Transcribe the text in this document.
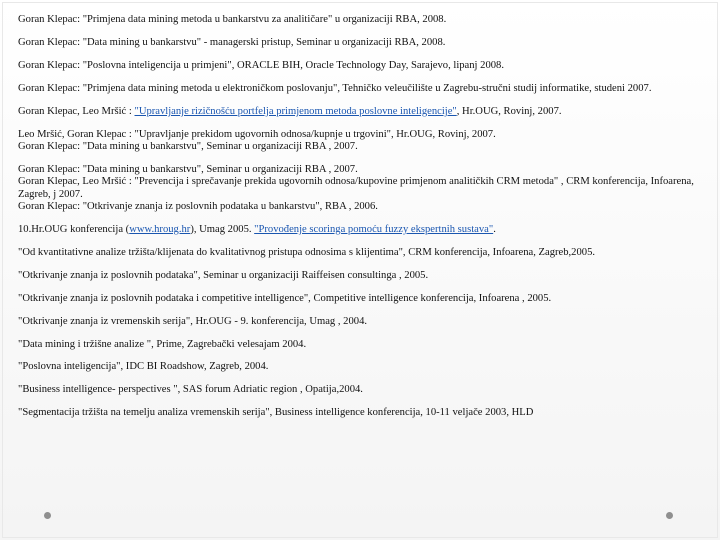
Goran Klepac: "Primjena data mining metoda u bankarstvu za analitičare" u organizaciji RBA, 2008.
Goran Klepac: "Data mining u bankarstvu" - managerski pristup, Seminar u organizaciji RBA, 2008.
Goran Klepac: "Poslovna inteligencija u primjeni", ORACLE BIH, Oracle Technology Day, Sarajevo, lipanj 2008.
Goran Klepac: "Primjena data mining metoda u elektroničkom poslovanju", Tehničko veleučilište u Zagrebu-stručni studij informatike, studeni 2007.
Goran Klepac, Leo Mršić : "Upravljanje rizičnošću portfelja primjenom metoda poslovne inteligencije", Hr.OUG, Rovinj, 2007.
Leo Mršić, Goran Klepac : "Upravljanje prekidom ugovornih odnosa/kupnje u trgovini", Hr.OUG, Rovinj, 2007.
Goran Klepac: "Data mining u bankarstvu", Seminar u organizaciji RBA , 2007.
Goran Klepac: "Data mining u bankarstvu", Seminar u organizaciji RBA , 2007.
Goran Klepac, Leo Mršić : "Prevencija i sprečavanje prekida ugovornih odnosa/kupovine primjenom analitičkih CRM metoda" , CRM konferencija, Infoarena, Zagreb, j 2007.
Goran Klepac: "Otkrivanje znanja iz poslovnih podataka u bankarstvu", RBA , 2006.
10.Hr.OUG konferencija (www.hroug.hr), Umag 2005. "Provođenje scoringa pomoću fuzzy ekspertnih sustava".
"Od kvantitativne analize tržišta/klijenata do kvalitativnog pristupa odnosima s klijentima", CRM konferencija, Infoarena, Zagreb,2005.
"Otkrivanje znanja iz poslovnih podataka", Seminar u organizaciji Raiffeisen consultinga , 2005.
"Otkrivanje znanja iz poslovnih podataka i competitive intelligence", Competitive intelligence konferencija, Infoarena , 2005.
"Otkrivanje znanja iz vremenskih serija", Hr.OUG - 9. konferencija, Umag , 2004.
"Data mining i tržišne analize ", Prime, Zagrebački velesajam 2004.
"Poslovna inteligencija", IDC BI Roadshow, Zagreb, 2004.
"Business intelligence- perspectives ", SAS forum Adriatic region , Opatija,2004.
"Segmentacija tržišta na temelju analiza vremenskih serija", Business intelligence konferencija, 10-11 veljače 2003, HLD
